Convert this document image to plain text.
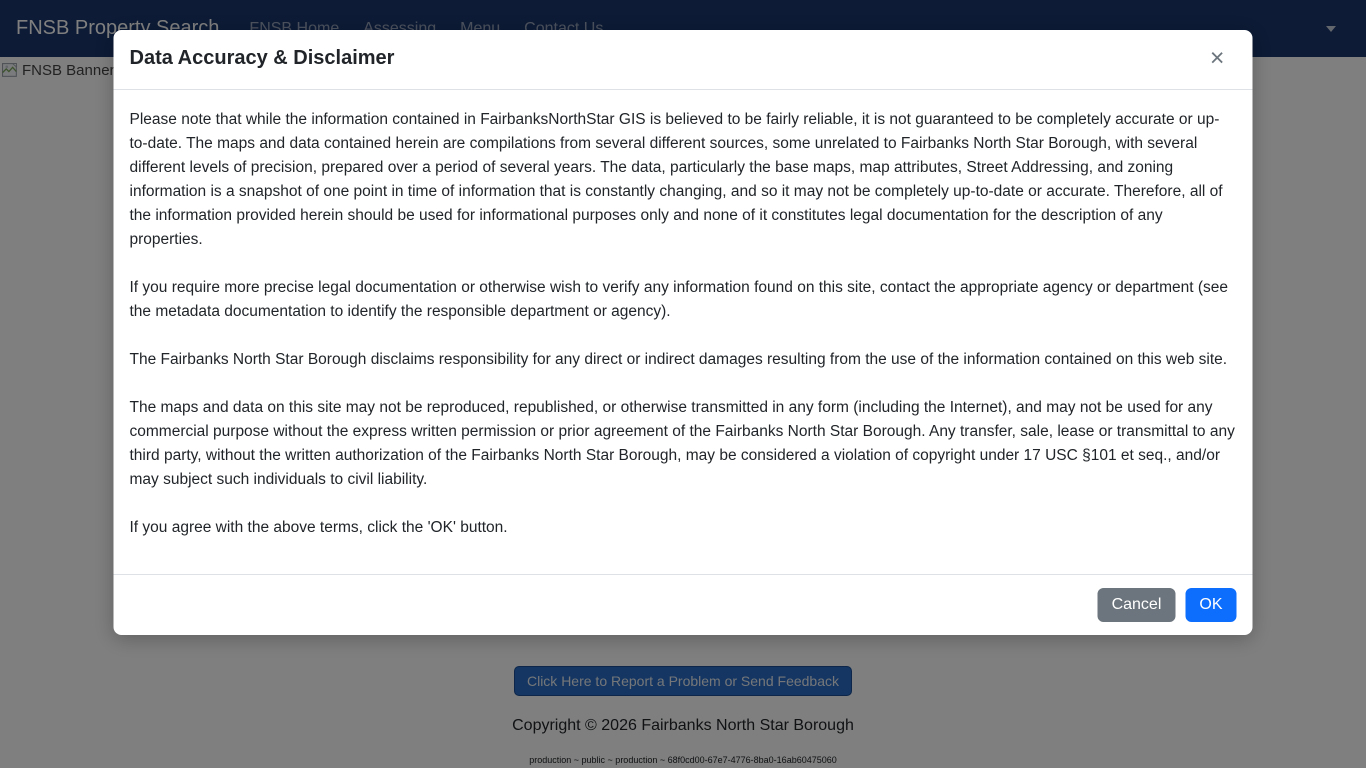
Data Accuracy & Disclaimer	×

Please note that while the information contained in FairbanksNorthStar GIS is believed to be fairly reliable, it is not guaranteed to be completely accurate or up-to-date. The maps and data contained herein are compilations from several different sources, some unrelated to Fairbanks North Star Borough, with several different levels of precision, prepared over a period of several years. The data, particularly the base maps, map attributes, Street Addressing, and zoning information is a snapshot of one point in time of information that is constantly changing, and so it may not be completely up-to-date or accurate. Therefore, all of the information provided herein should be used for informational purposes only and none of it constitutes legal documentation for the description of any properties.

If you require more precise legal documentation or otherwise wish to verify any information found on this site, contact the appropriate agency or department (see the metadata documentation to identify the responsible department or agency).

The Fairbanks North Star Borough disclaims responsibility for any direct or indirect damages resulting from the use of the information contained on this web site.

The maps and data on this site may not be reproduced, republished, or otherwise transmitted in any form (including the Internet), and may not be used for any commercial purpose without the express written permission or prior agreement of the Fairbanks North Star Borough. Any transfer, sale, lease or transmittal to any third party, without the written authorization of the Fairbanks North Star Borough, may be considered a violation of copyright under 17 USC §101 et seq., and/or may subject such individuals to civil liability.

If you agree with the above terms, click the 'OK' button.

Cancel	OK
